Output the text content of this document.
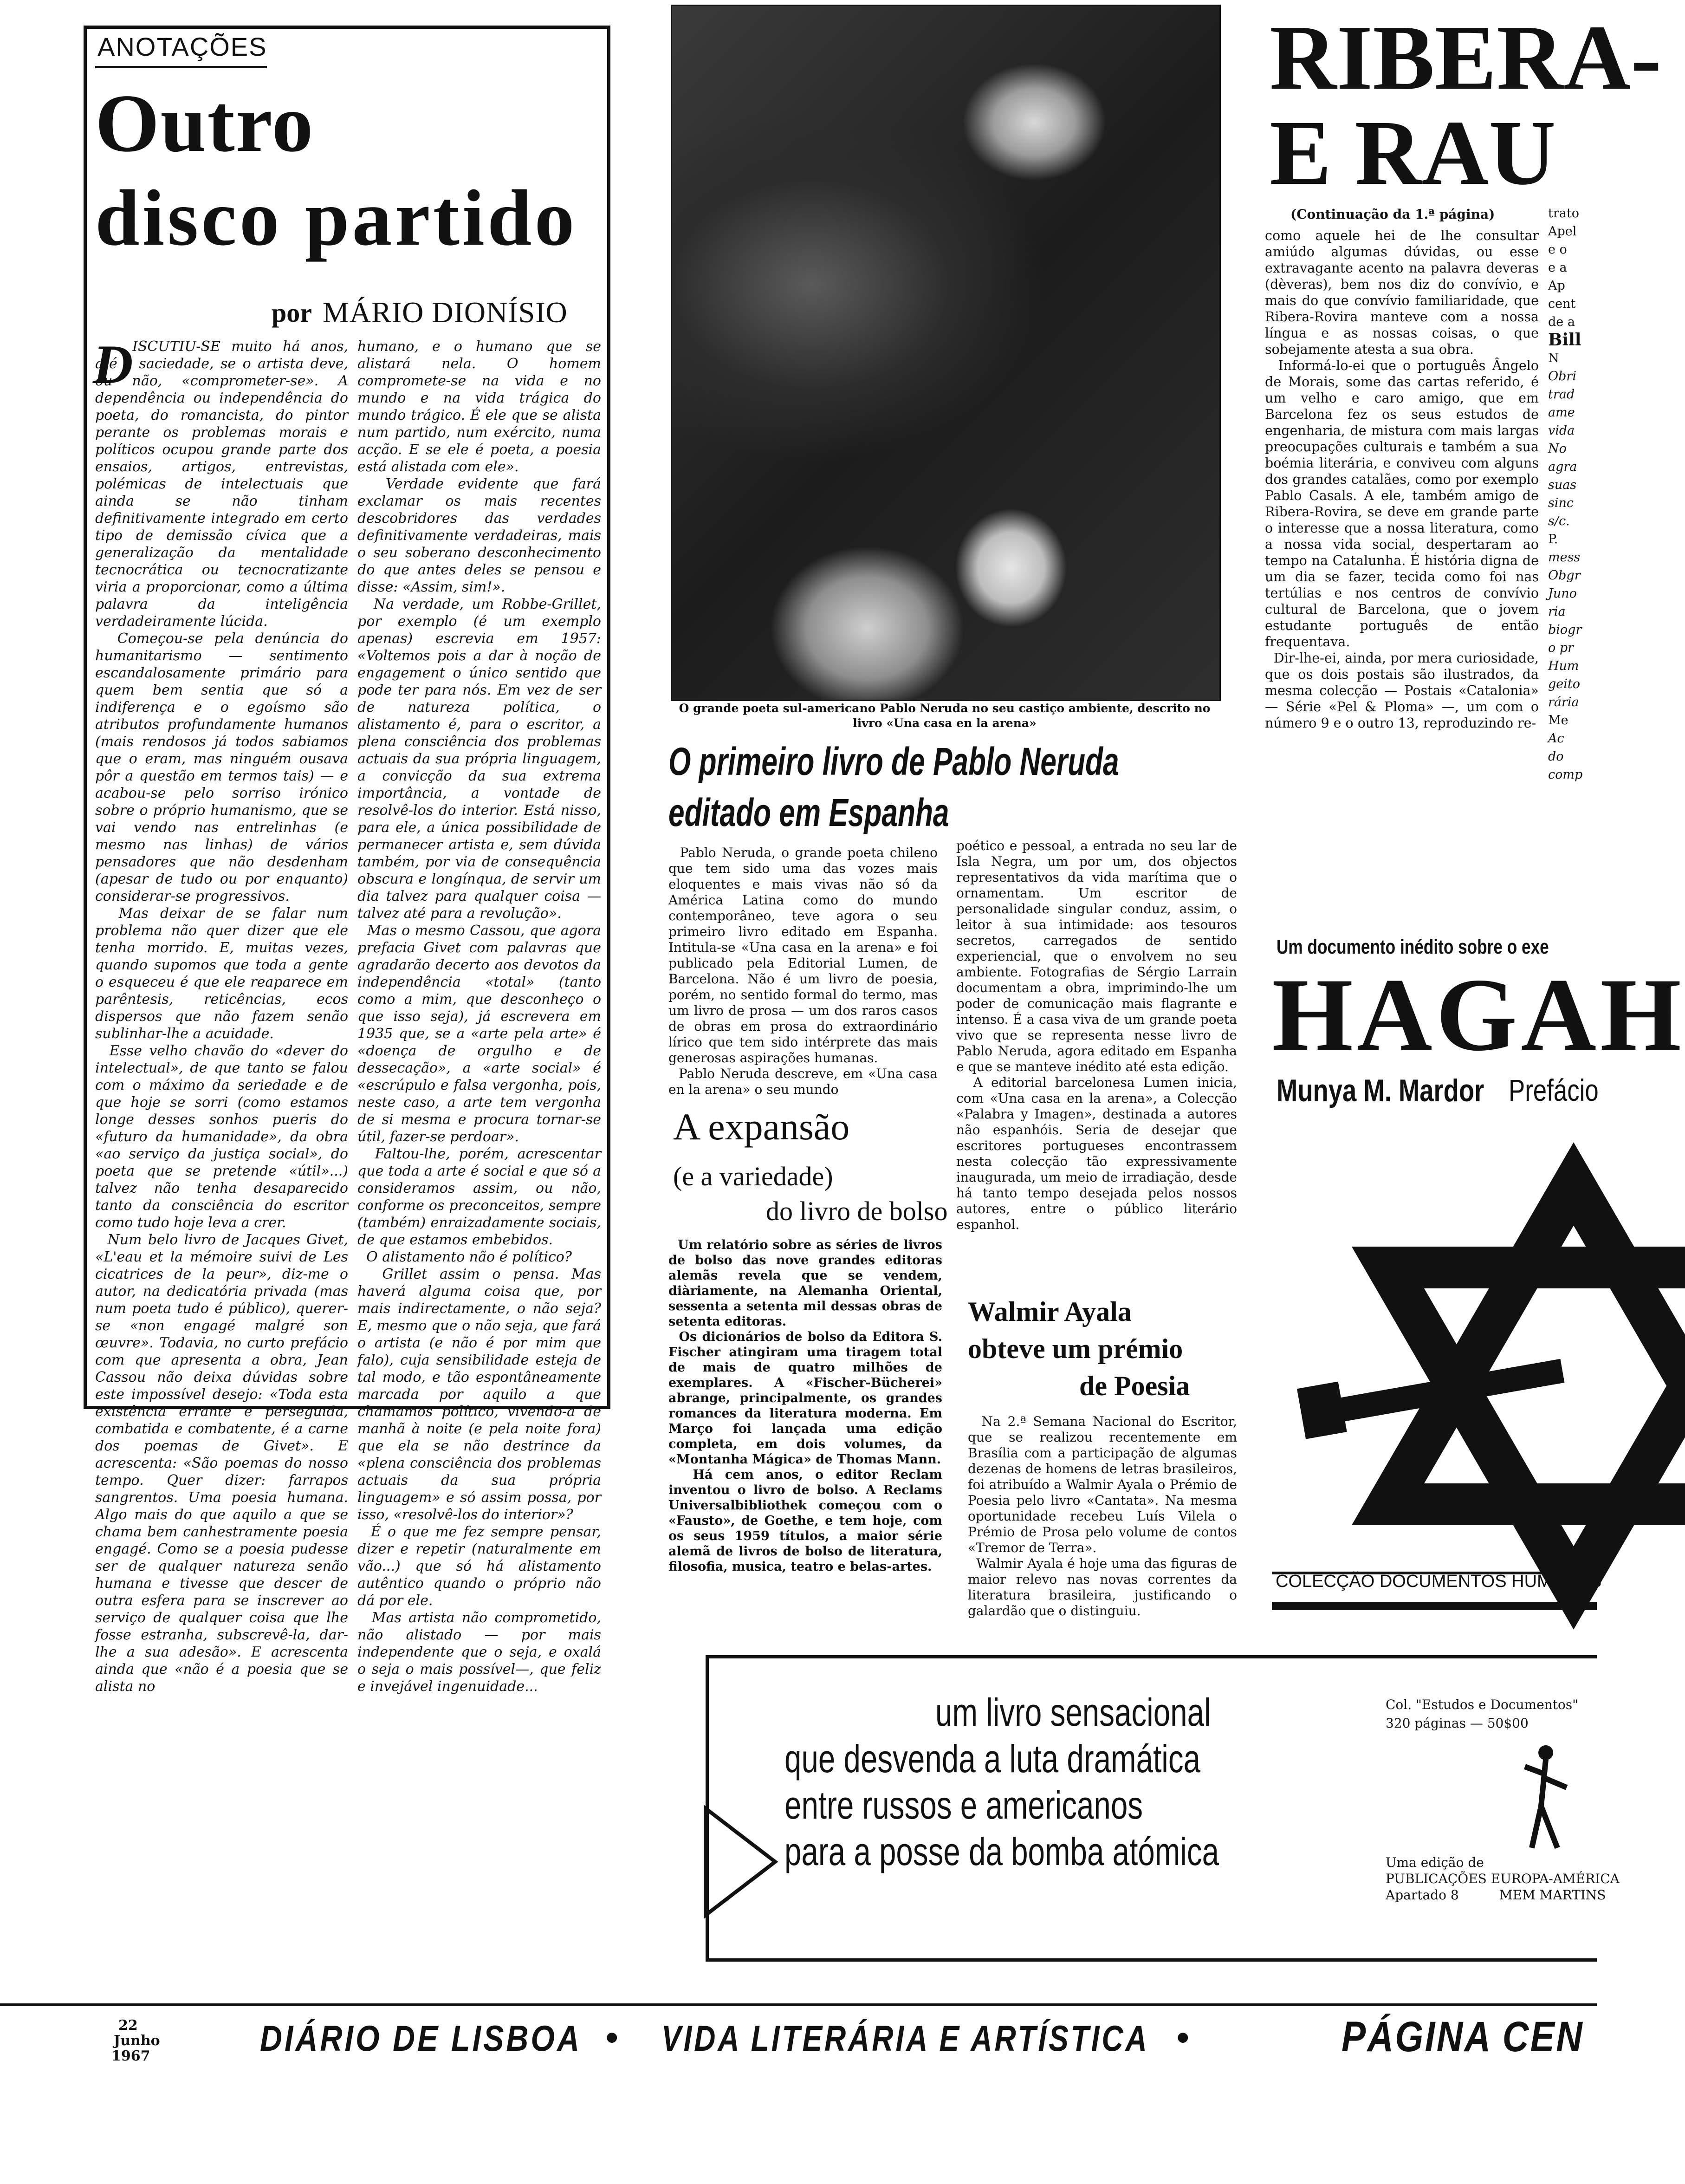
ANOTAÇÕES
Outro
disco partido
por MÁRIO DIONÍSIO
D
ISCUTIU-SE muito há anos, até à saciedade, se o artista deve, ou não, «comprometer-se». A dependência ou independência do poeta, do romancista, do pintor perante os problemas morais e políticos ocupou grande parte dos ensaios, artigos, entrevistas, polémicas de intelectuais que ainda se não tinham definitivamente integrado em certo tipo de demissão cívica que a generalização da mentalidade tecnocrática ou tecnocratizante viria a proporcionar, como a última palavra da inteligência verdadeiramente lúcida.
Começou-se pela denúncia do humanitarismo — sentimento escandalosamente primário para quem bem sentia que só a indiferença e o egoísmo são atributos profundamente humanos (mais rendosos já todos sabiamos que o eram, mas ninguém ousava pôr a questão em termos tais) — e acabou-se pelo sorriso irónico sobre o próprio humanismo, que se vai vendo nas entrelinhas (e mesmo nas linhas) de vários pensadores que não desdenham (apesar de tudo ou por enquanto) considerar-se progressivos.
Mas deixar de se falar num problema não quer dizer que ele tenha morrido. E, muitas vezes, quando supomos que toda a gente o esqueceu é que ele reaparece em parêntesis, reticências, ecos dispersos que não fazem senão sublinhar-lhe a acuidade.
Esse velho chavão do «dever do intelectual», de que tanto se falou com o máximo da seriedade e de que hoje se sorri (como estamos longe desses sonhos pueris do «futuro da humanidade», da obra «ao serviço da justiça social», do poeta que se pretende «útil»...) talvez não tenha desaparecido tanto da consciência do escritor como tudo hoje leva a crer.
Num belo livro de Jacques Givet, «L'eau et la mémoire suivi de Les cicatrices de la peur», diz-me o autor, na dedicatória privada (mas num poeta tudo é público), querer-se «non engagé malgré son œuvre». Todavia, no curto prefácio com que apresenta a obra, Jean Cassou não deixa dúvidas sobre este impossível desejo: «Toda esta existência errante e perseguida, combatida e combatente, é a carne dos poemas de Givet». E acrescenta: «São poemas do nosso tempo. Quer dizer: farrapos sangrentos. Uma poesia humana. Algo mais do que aquilo a que se chama bem canhestramente poesia engagé. Como se a poesia pudesse ser de qualquer natureza senão humana e tivesse que descer de outra esfera para se inscrever ao serviço de qualquer coisa que lhe fosse estranha, subscrevê-la, dar-lhe a sua adesão». E acrescenta ainda que «não é a poesia que se alista no
humano, e o humano que se alistará nela. O homem compromete-se na vida e no mundo e na vida trágica do mundo trágico. É ele que se alista num partido, num exército, numa acção. E se ele é poeta, a poesia está alistada com ele».
Verdade evidente que fará exclamar os mais recentes descobridores das verdades definitivamente verdadeiras, mais o seu soberano desconhecimento do que antes deles se pensou e disse: «Assim, sim!».
Na verdade, um Robbe-Grillet, por exemplo (é um exemplo apenas) escrevia em 1957: «Voltemos pois a dar à noção de engagement o único sentido que pode ter para nós. Em vez de ser de natureza política, o alistamento é, para o escritor, a plena consciência dos problemas actuais da sua própria linguagem, a convicção da sua extrema importância, a vontade de resolvê-los do interior. Está nisso, para ele, a única possibilidade de permanecer artista e, sem dúvida também, por via de consequência obscura e longínqua, de servir um dia talvez para qualquer coisa — talvez até para a revolução».
Mas o mesmo Cassou, que agora prefacia Givet com palavras que agradarão decerto aos devotos da independência «total» (tanto como a mim, que desconheço o que isso seja), já escrevera em 1935 que, se a «arte pela arte» é «doença de orgulho e de dessecação», a «arte social» é «escrúpulo e falsa vergonha, pois, neste caso, a arte tem vergonha de si mesma e procura tornar-se útil, fazer-se perdoar».
Faltou-lhe, porém, acrescentar que toda a arte é social e que só a consideramos assim, ou não, conforme os preconceitos, sempre (também) enraizadamente sociais, de que estamos embebidos.
O alistamento não é político?
Grillet assim o pensa. Mas haverá alguma coisa que, por mais indirectamente, o não seja? E, mesmo que o não seja, que fará o artista (e não é por mim que falo), cuja sensibilidade esteja de tal modo, e tão espontâneamente marcada por aquilo a que chamamos político, vivendo-a de manhã à noite (e pela noite fora) que ela se não destrince da «plena consciência dos problemas actuais da sua própria linguagem» e só assim possa, por isso, «resolvê-los do interior»?
É o que me fez sempre pensar, dizer e repetir (naturalmente em vão...) que só há alistamento autêntico quando o próprio não dá por ele.
Mas artista não comprometido, não alistado — por mais independente que o seja, e oxalá o seja o mais possível—, que feliz e invejável ingenuidade...
O grande poeta sul-americano Pablo Neruda no seu castiço ambiente, descrito no livro «Una casa en la arena»
O primeiro livro de Pablo Neruda
editado em Espanha
Pablo Neruda, o grande poeta chileno que tem sido uma das vozes mais eloquentes e mais vivas não só da América Latina como do mundo contemporâneo, teve agora o seu primeiro livro editado em Espanha. Intitula-se «Una casa en la arena» e foi publicado pela Editorial Lumen, de Barcelona. Não é um livro de poesia, porém, no sentido formal do termo, mas um livro de prosa — um dos raros casos de obras em prosa do extraordinário lírico que tem sido intérprete das mais generosas aspirações humanas.
Pablo Neruda descreve, em «Una casa en la arena» o seu mundo
poético e pessoal, a entrada no seu lar de Isla Negra, um por um, dos objectos representativos da vida marítima que o ornamentam. Um escritor de personalidade singular conduz, assim, o leitor à sua intimidade: aos tesouros secretos, carregados de sentido experiencial, que o envolvem no seu ambiente. Fotografias de Sérgio Larrain documentam a obra, imprimindo-lhe um poder de comunicação mais flagrante e intenso. É a casa viva de um grande poeta vivo que se representa nesse livro de Pablo Neruda, agora editado em Espanha e que se manteve inédito até esta edição.
A editorial barcelonesa Lumen inicia, com «Una casa en la arena», a Colecção «Palabra y Imagen», destinada a autores não espanhóis. Seria de desejar que escritores portugueses encontrassem nesta colecção tão expressivamente inaugurada, um meio de irradiação, desde há tanto tempo desejada pelos nossos autores, entre o público literário espanhol.
A expansão
(e a variedade)
do livro de bolso
Um relatório sobre as séries de livros de bolso das nove grandes editoras alemãs revela que se vendem, diàriamente, na Alemanha Oriental, sessenta a setenta mil dessas obras de setenta editoras.
Os dicionários de bolso da Editora S. Fischer atingiram uma tiragem total de mais de quatro milhões de exemplares. A «Fischer-Bücherei» abrange, principalmente, os grandes romances da literatura moderna. Em Março foi lançada uma edição completa, em dois volumes, da «Montanha Mágica» de Thomas Mann.
Há cem anos, o editor Reclam inventou o livro de bolso. A Reclams Universalbibliothek começou com o «Fausto», de Goethe, e tem hoje, com os seus 1959 títulos, a maior série alemã de livros de bolso de literatura, filosofia, musica, teatro e belas-artes.
Walmir Ayala
obteve um prémio
de Poesia
Na 2.ª Semana Nacional do Escritor, que se realizou recentemente em Brasília com a participação de algumas dezenas de homens de letras brasileiros, foi atribuído a Walmir Ayala o Prémio de Poesia pelo livro «Cantata». Na mesma oportunidade recebeu Luís Vilela o Prémio de Prosa pelo volume de contos «Tremor de Terra».
Walmir Ayala é hoje uma das figuras de maior relevo nas novas correntes da literatura brasileira, justificando o galardão que o distinguiu.
RIBERA-
E RAU
(Continuação da 1.ª página)
como aquele hei de lhe consultar amiúdo algumas dúvidas, ou esse extravagante acento na palavra deveras (dèveras), bem nos diz do convívio, e mais do que convívio familiaridade, que Ribera-Rovira manteve com a nossa língua e as nossas coisas, o que sobejamente atesta a sua obra.
Informá-lo-ei que o português Ângelo de Morais, some das cartas referido, é um velho e caro amigo, que em Barcelona fez os seus estudos de engenharia, de mistura com mais largas preocupações culturais e também a sua boémia literária, e conviveu com alguns dos grandes catalães, como por exemplo Pablo Casals. A ele, também amigo de Ribera-Rovira, se deve em grande parte o interesse que a nossa literatura, como a nossa vida social, despertaram ao tempo na Catalunha. É história digna de um dia se fazer, tecida como foi nas tertúlias e nos centros de convívio cultural de Barcelona, que o jovem estudante português de então frequentava.
Dir-lhe-ei, ainda, por mera curiosidade, que os dois postais são ilustrados, da mesma colecção — Postais «Catalonia» — Série «Pel & Ploma» —, um com o número 9 e o outro 13, reproduzindo re-
trato
Apel
e o
e a
Ap
cent
de a
Bill
N
Obri
trad
ame
vida
No
agra
suas
sinc
s/c.
P.
mess
Obgr
Juno
ria
biogr
o pr
Hum
geito
rária
Me
Ac
do
comp
Um documento inédito sobre o exe
HAGAH
Munya M. Mardor Prefácio
COLECÇÃO DOCUMENTOS HUMANOS
um livro sensacional
que desvenda a luta dramática
entre russos e americanos
para a posse da bomba atómica
Col. "Estudos e Documentos"
320 páginas — 50$00
Uma edição de
PUBLICAÇÕES EUROPA-AMÉRICA
Apartado 8	MEM MARTINS
22
Junho
1967	DIÁRIO DE LISBOA • VIDA LITERÁRIA E ARTÍSTICA •	PÁGINA CEN
